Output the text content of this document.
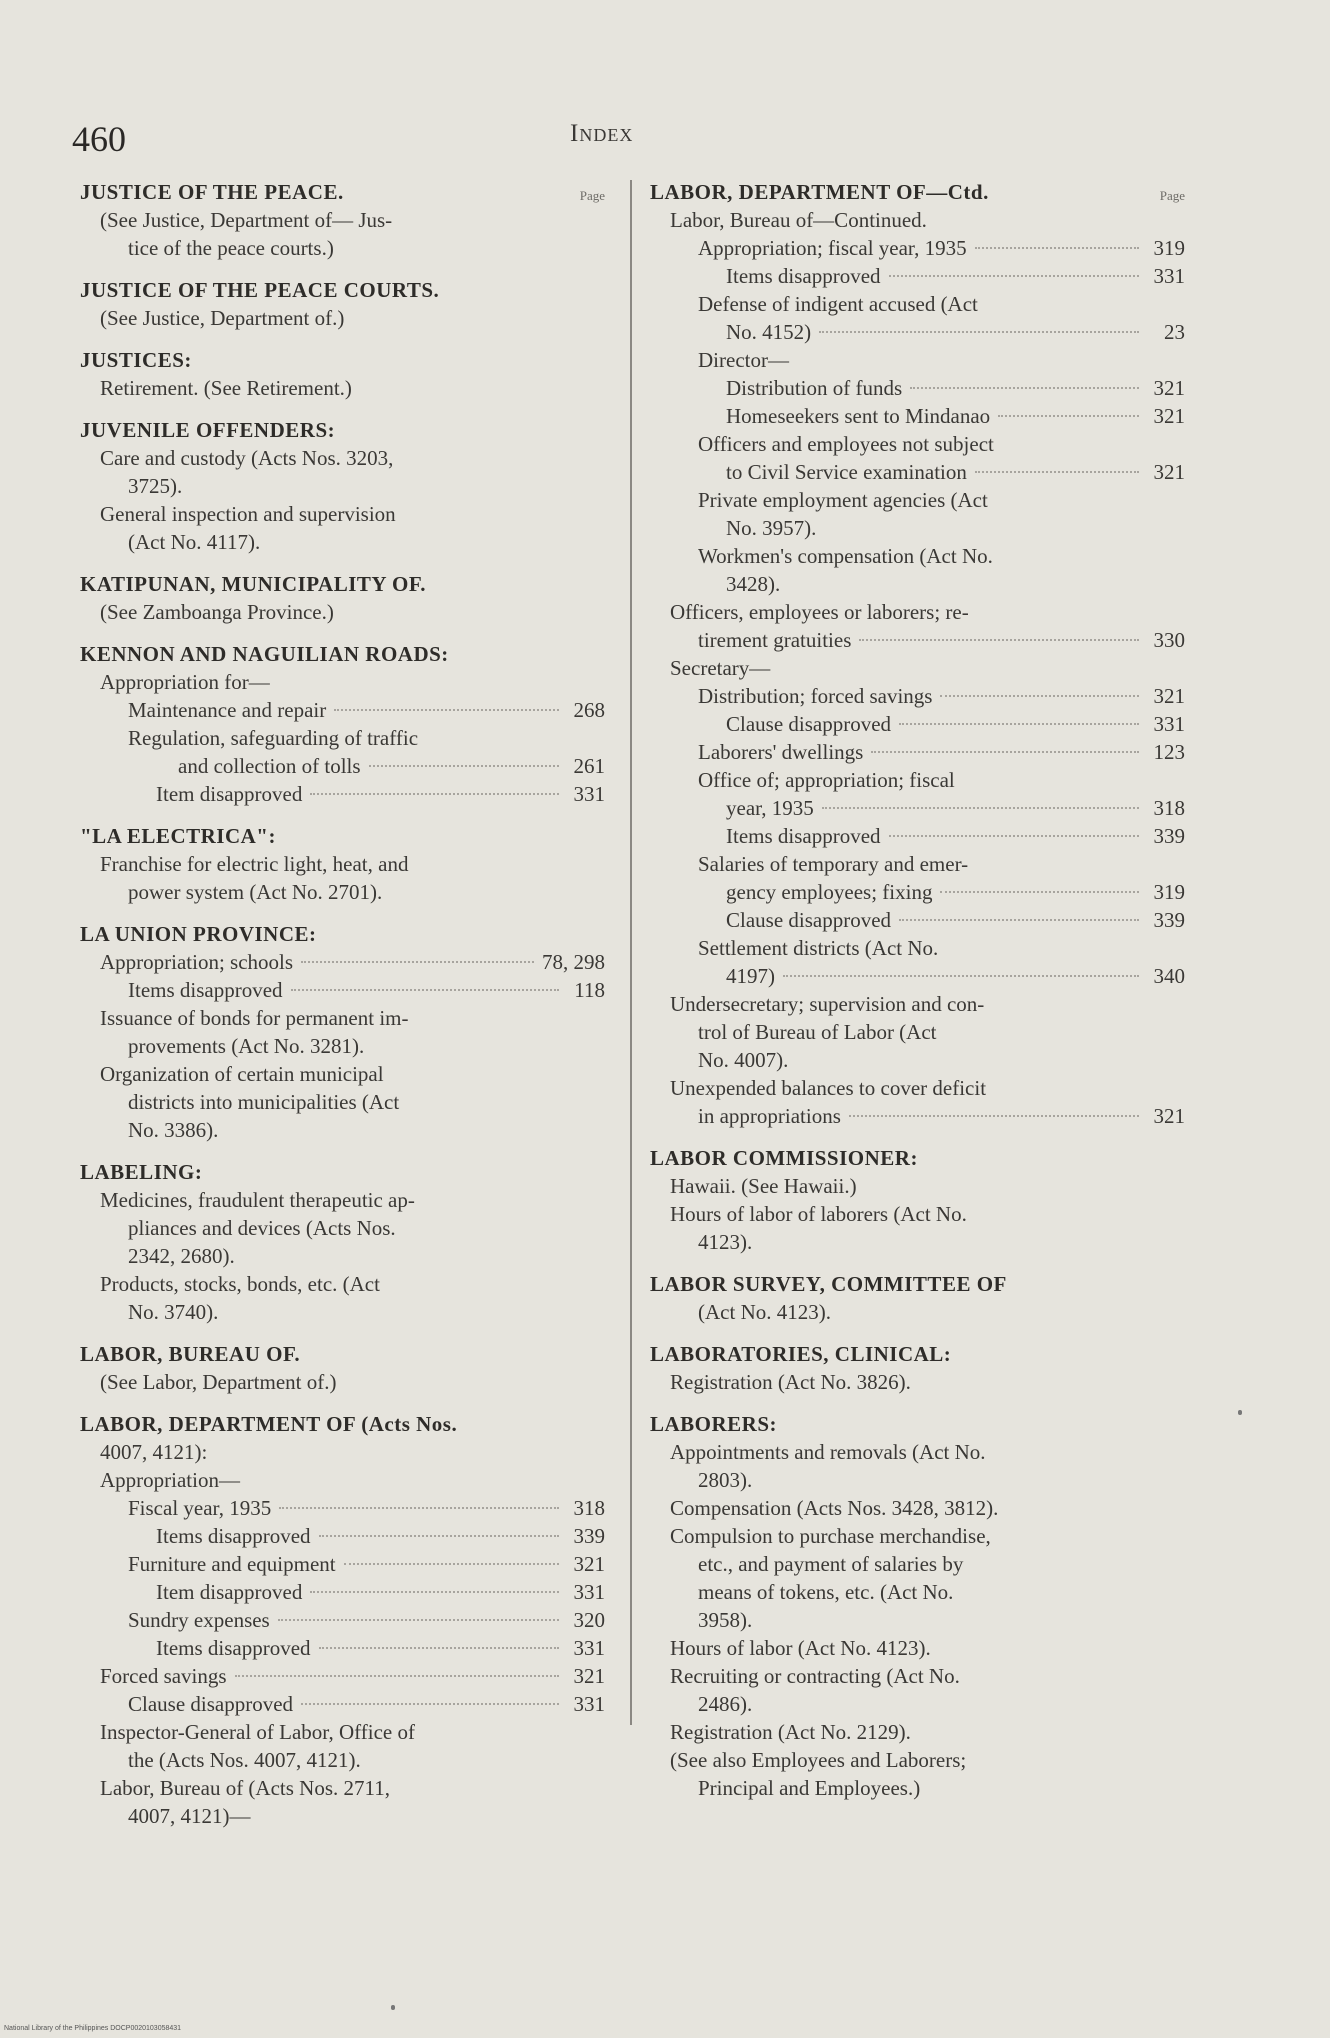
460	Index
Page
JUSTICE OF THE PEACE.
(See Justice, Department of— Jus-
tice of the peace courts.)
JUSTICE OF THE PEACE COURTS.
(See Justice, Department of.)
JUSTICES:
Retirement. (See Retirement.)
JUVENILE OFFENDERS:
Care and custody (Acts Nos. 3203,
3725).
General inspection and supervision
(Act No. 4117).
KATIPUNAN, MUNICIPALITY OF.
(See Zamboanga Province.)
KENNON AND NAGUILIAN ROADS:
Appropriation for—
Maintenance and repair	268
Regulation, safeguarding of traffic
and collection of tolls	261
Item disapproved	331
"LA ELECTRICA":
Franchise for electric light, heat, and
power system (Act No. 2701).
LA UNION PROVINCE:
Appropriation; schools	78, 298
Items disapproved	118
Issuance of bonds for permanent im-
provements (Act No. 3281).
Organization of certain municipal
districts into municipalities (Act
No. 3386).
LABELING:
Medicines, fraudulent therapeutic ap-
pliances and devices (Acts Nos.
2342, 2680).
Products, stocks, bonds, etc. (Act
No. 3740).
LABOR, BUREAU OF.
(See Labor, Department of.)
LABOR, DEPARTMENT OF (Acts Nos.
4007, 4121):
Appropriation—
Fiscal year, 1935	318
Items disapproved	339
Furniture and equipment	321
Item disapproved	331
Sundry expenses	320
Items disapproved	331
Forced savings	321
Clause disapproved	331
Inspector-General of Labor, Office of
the (Acts Nos. 4007, 4121).
Labor, Bureau of (Acts Nos. 2711,
4007, 4121)—
Page
LABOR, DEPARTMENT OF—Ctd.
Labor, Bureau of—Continued.
Appropriation; fiscal year, 1935	319
Items disapproved	331
Defense of indigent accused (Act
No. 4152)	23
Director—
Distribution of funds	321
Homeseekers sent to Mindanao	321
Officers and employees not subject
to Civil Service examination	321
Private employment agencies (Act
No. 3957).
Workmen's compensation (Act No.
3428).
Officers, employees or laborers; re-
tirement gratuities	330
Secretary—
Distribution; forced savings	321
Clause disapproved	331
Laborers' dwellings	123
Office of; appropriation; fiscal
year, 1935	318
Items disapproved	339
Salaries of temporary and emer-
gency employees; fixing	319
Clause disapproved	339
Settlement districts (Act No.
4197)	340
Undersecretary; supervision and con-
trol of Bureau of Labor (Act
No. 4007).
Unexpended balances to cover deficit
in appropriations	321
LABOR COMMISSIONER:
Hawaii. (See Hawaii.)
Hours of labor of laborers (Act No.
4123).
LABOR SURVEY, COMMITTEE OF
(Act No. 4123).
LABORATORIES, CLINICAL:
Registration (Act No. 3826).
LABORERS:
Appointments and removals (Act No.
2803).
Compensation (Acts Nos. 3428, 3812).
Compulsion to purchase merchandise,
etc., and payment of salaries by
means of tokens, etc. (Act No.
3958).
Hours of labor (Act No. 4123).
Recruiting or contracting (Act No.
2486).
Registration (Act No. 2129).
(See also Employees and Laborers;
Principal and Employees.)
National Library of the Philippines DOCP0020103058431
